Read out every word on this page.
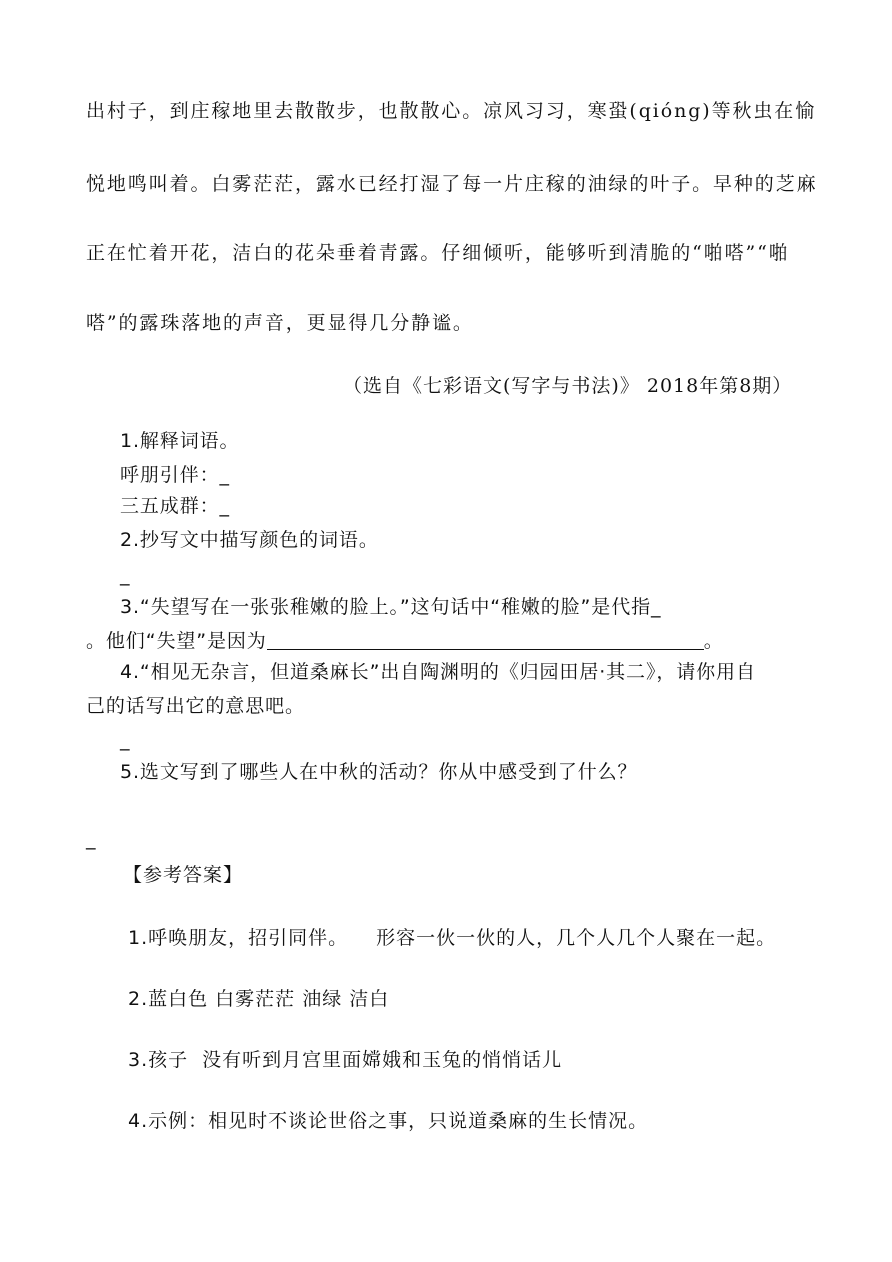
出村子，到庄稼地里去散散步，也散散心。凉风习习，寒蛩(qióng)等秋虫在愉
悦地鸣叫着。白雾茫茫，露水已经打湿了每一片庄稼的油绿的叶子。早种的芝麻
正在忙着开花，洁白的花朵垂着青露。仔细倾听，能够听到清脆的“啪嗒”“啪
嗒”的露珠落地的声音，更显得几分静谧。
（选自《七彩语文(写字与书法)》 2018年第8期）
1.解释词语。
呼朋引伴：_
三五成群：_
2.抄写文中描写颜色的词语。
_
3.“失望写在一张张稚嫩的脸上。”这句话中“稚嫩的脸”是代指_
。他们“失望”是因为	。
4.“相见无杂言，但道桑麻长”出自陶渊明的《归园田居·其二》，请你用自
己的话写出它的意思吧。
_
5.选文写到了哪些人在中秋的活动？你从中感受到了什么？
_
【参考答案】
1.呼唤朋友，招引同伴。 形容一伙一伙的人，几个人几个人聚在一起。
2.蓝白色 白雾茫茫 油绿 洁白
3.孩子 没有听到月宫里面嫦娥和玉兔的悄悄话儿
4.示例：相见时不谈论世俗之事，只说道桑麻的生长情况。
